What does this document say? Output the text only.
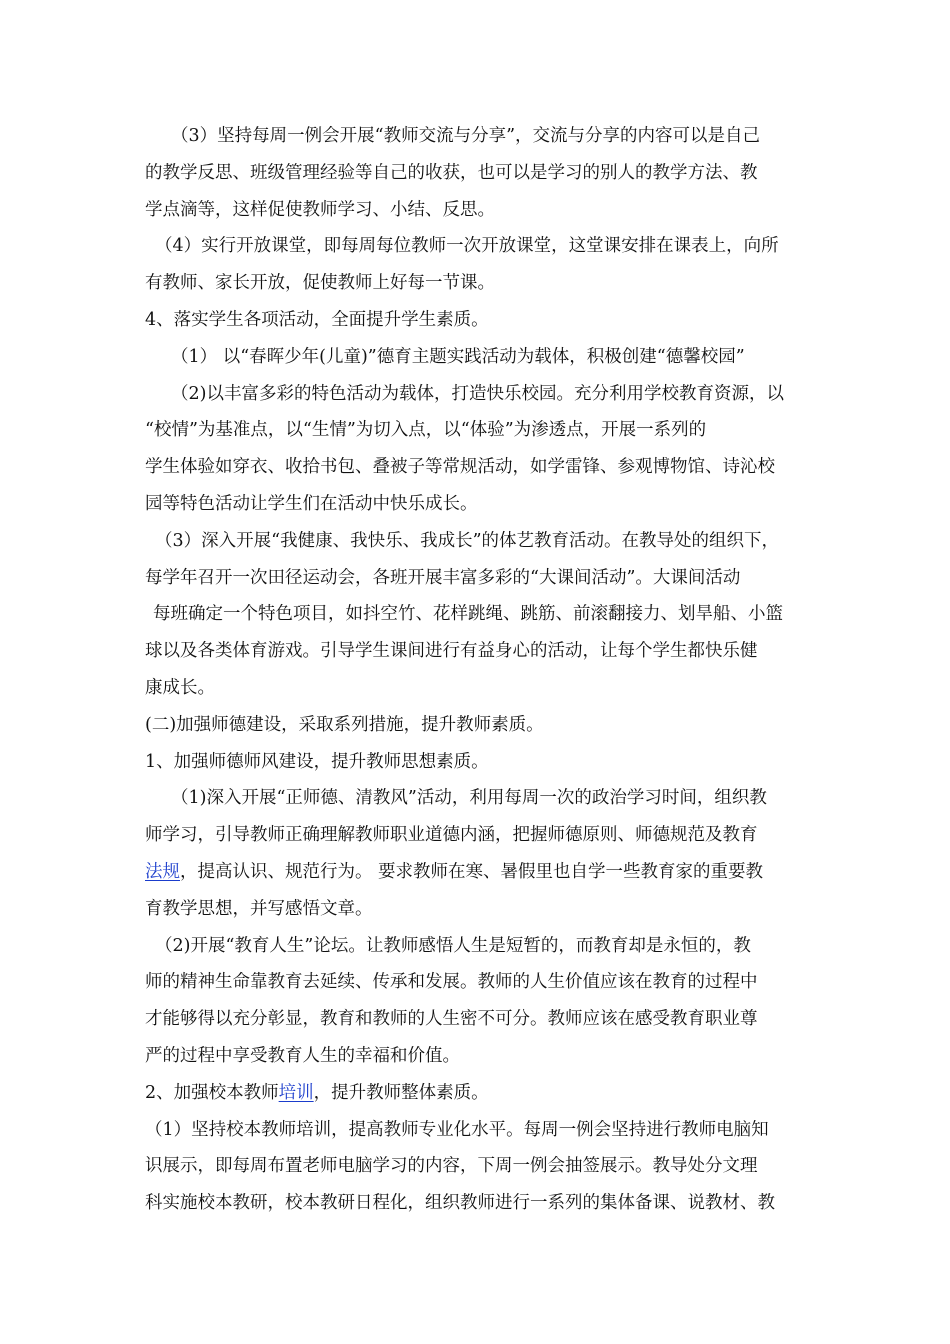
（3）坚持每周一例会开展“教师交流与分享”，交流与分享的内容可以是自己
的教学反思、班级管理经验等自己的收获，也可以是学习的别人的教学方法、教
学点滴等，这样促使教师学习、小结、反思。
（4）实行开放课堂，即每周每位教师一次开放课堂，这堂课安排在课表上，向所
有教师、家长开放，促使教师上好每一节课。
4、落实学生各项活动，全面提升学生素质。
（1） 以“春晖少年(儿童)”德育主题实践活动为载体，积极创建“德馨校园”
（2)以丰富多彩的特色活动为载体，打造快乐校园。充分利用学校教育资源，以
“校情”为基准点，以“生情”为切入点，以“体验”为渗透点，开展一系列的
学生体验如穿衣、收拾书包、叠被子等常规活动，如学雷锋、参观博物馆、诗沁校
园等特色活动让学生们在活动中快乐成长。
（3）深入开展“我健康、我快乐、我成长”的体艺教育活动。在教导处的组织下，
每学年召开一次田径运动会，各班开展丰富多彩的“大课间活动”。大课间活动
每班确定一个特色项目，如抖空竹、花样跳绳、跳筋、前滚翻接力、划旱船、小篮
球以及各类体育游戏。引导学生课间进行有益身心的活动，让每个学生都快乐健
康成长。
(二)加强师德建设，采取系列措施，提升教师素质。
1、加强师德师风建设，提升教师思想素质。
（1)深入开展“正师德、清教风”活动，利用每周一次的政治学习时间，组织教
师学习，引导教师正确理解教师职业道德内涵，把握师德原则、师德规范及教育
法规，提高认识、规范行为。 要求教师在寒、暑假里也自学一些教育家的重要教
育教学思想，并写感悟文章。
（2)开展“教育人生”论坛。让教师感悟人生是短暂的，而教育却是永恒的，教
师的精神生命靠教育去延续、传承和发展。教师的人生价值应该在教育的过程中
才能够得以充分彰显，教育和教师的人生密不可分。教师应该在感受教育职业尊
严的过程中享受教育人生的幸福和价值。
2、加强校本教师培训，提升教师整体素质。
（1）坚持校本教师培训，提高教师专业化水平。每周一例会坚持进行教师电脑知
识展示，即每周布置老师电脑学习的内容，下周一例会抽签展示。教导处分文理
科实施校本教研，校本教研日程化，组织教师进行一系列的集体备课、说教材、教
